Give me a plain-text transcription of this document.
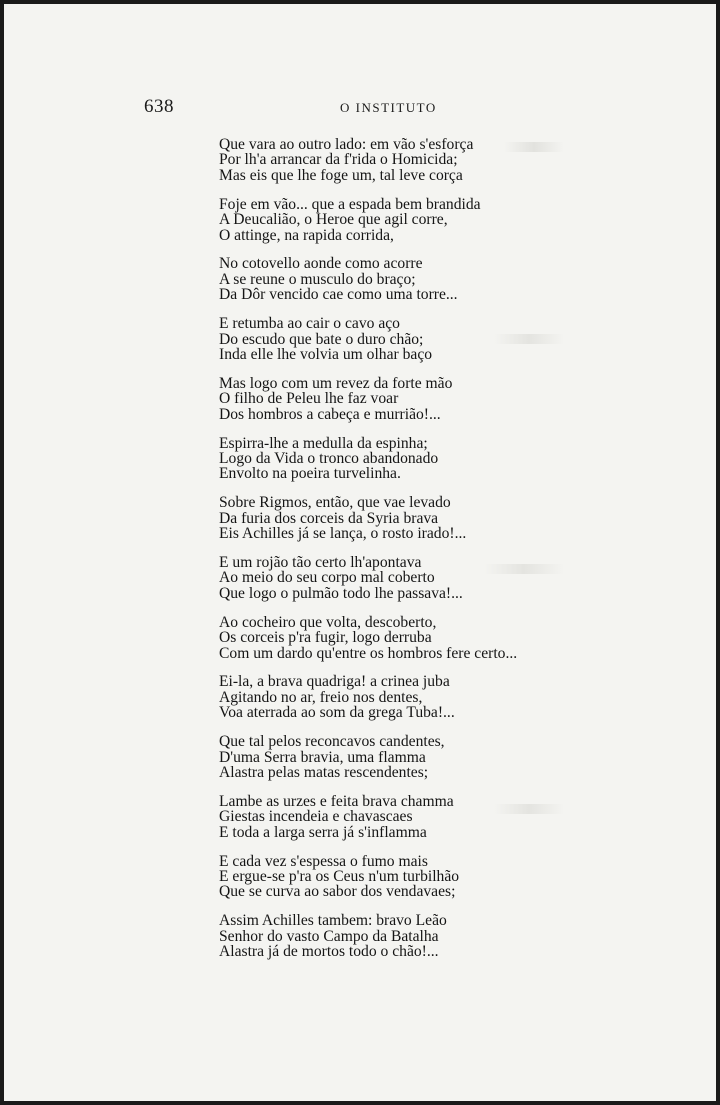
638	O INSTITUTO
Que vara ao outro lado: em vão s'esforça
Por lh'a arrancar da f'rida o Homicida;
Mas eis que lhe foge um, tal leve corça
Foje em vão... que a espada bem brandida
A Deucalião, o Heroe que agil corre,
O attinge, na rapida corrida,
No cotovello aonde como acorre
A se reune o musculo do braço;
Da Dôr vencido cae como uma torre...
E retumba ao cair o cavo aço
Do escudo que bate o duro chão;
Inda elle lhe volvia um olhar baço
Mas logo com um revez da forte mão
O filho de Peleu lhe faz voar
Dos hombros a cabeça e murrião!...
Espirra-lhe a medulla da espinha;
Logo da Vida o tronco abandonado
Envolto na poeira turvelinha.
Sobre Rigmos, então, que vae levado
Da furia dos corceis da Syria brava
Eis Achilles já se lança, o rosto irado!...
E um rojão tão certo lh'apontava
Ao meio do seu corpo mal coberto
Que logo o pulmão todo lhe passava!...
Ao cocheiro que volta, descoberto,
Os corceis p'ra fugir, logo derruba
Com um dardo qu'entre os hombros fere certo...
Ei-la, a brava quadriga! a crinea juba
Agitando no ar, freio nos dentes,
Voa aterrada ao som da grega Tuba!...
Que tal pelos reconcavos candentes,
D'uma Serra bravia, uma flamma
Alastra pelas matas rescendentes;
Lambe as urzes e feita brava chamma
Giestas incendeia e chavascaes
E toda a larga serra já s'inflamma
E cada vez s'espessa o fumo mais
E ergue-se p'ra os Ceus n'um turbilhão
Que se curva ao sabor dos vendavaes;
Assim Achilles tambem: bravo Leão
Senhor do vasto Campo da Batalha
Alastra já de mortos todo o chão!...
